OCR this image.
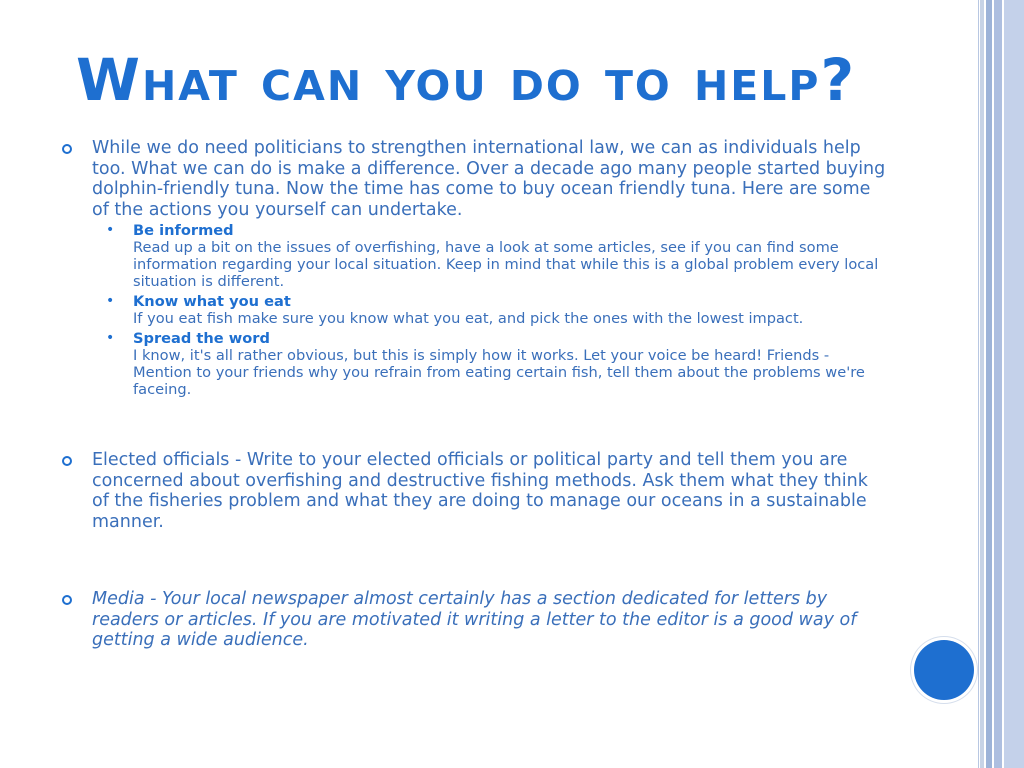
What can you do to help?
While we do need politicians to strengthen international law, we can as individuals help too. What we can do is make a difference. Over a decade ago many people started buying dolphin-friendly tuna. Now the time has come to buy ocean friendly tuna. Here are some of the actions you yourself can undertake.
• Be informed
Read up a bit on the issues of overfishing, have a look at some articles, see if you can find some information regarding your local situation. Keep in mind that while this is a global problem every local situation is different.
• Know what you eat
If you eat fish make sure you know what you eat, and pick the ones with the lowest impact.
• Spread the word
I know, it's all rather obvious, but this is simply how it works. Let your voice be heard! Friends - Mention to your friends why you refrain from eating certain fish, tell them about the problems we're faceing.
Elected officials - Write to your elected officials or political party and tell them you are concerned about overfishing and destructive fishing methods. Ask them what they think of the fisheries problem and what they are doing to manage our oceans in a sustainable manner.
Media - Your local newspaper almost certainly has a section dedicated for letters by readers or articles. If you are motivated it writing a letter to the editor is a good way of getting a wide audience.
